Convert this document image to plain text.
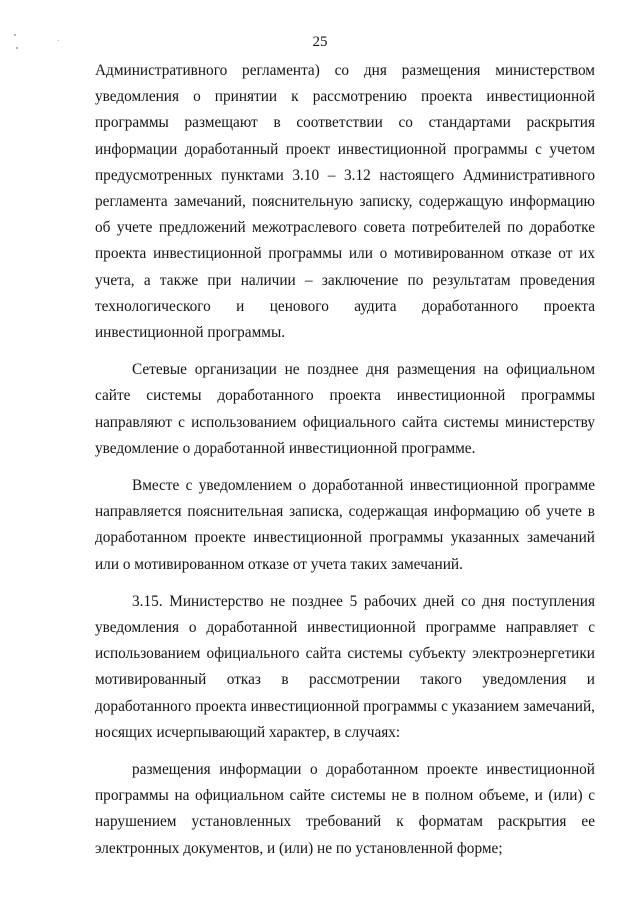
25

Административного регламента) со дня размещения министерством уведомления о принятии к рассмотрению проекта инвестиционной программы размещают в соответствии со стандартами раскрытия информации доработанный проект инвестиционной программы с учетом предусмотренных пунктами 3.10 – 3.12 настоящего Административного регламента замечаний, пояснительную записку, содержащую информацию об учете предложений межотраслевого совета потребителей по доработке проекта инвестиционной программы или о мотивированном отказе от их учета, а также при наличии – заключение по результатам проведения технологического и ценового аудита доработанного проекта инвестиционной программы.

Сетевые организации не позднее дня размещения на официальном сайте системы доработанного проекта инвестиционной программы направляют с использованием официального сайта системы министерству уведомление о доработанной инвестиционной программе.

Вместе с уведомлением о доработанной инвестиционной программе направляется пояснительная записка, содержащая информацию об учете в доработанном проекте инвестиционной программы указанных замечаний или о мотивированном отказе от учета таких замечаний.

3.15. Министерство не позднее 5 рабочих дней со дня поступления уведомления о доработанной инвестиционной программе направляет с использованием официального сайта системы субъекту электроэнергетики мотивированный отказ в рассмотрении такого уведомления и доработанного проекта инвестиционной программы с указанием замечаний, носящих исчерпывающий характер, в случаях:

размещения информации о доработанном проекте инвестиционной программы на официальном сайте системы не в полном объеме, и (или) с нарушением установленных требований к форматам раскрытия ее электронных документов, и (или) не по установленной форме;
